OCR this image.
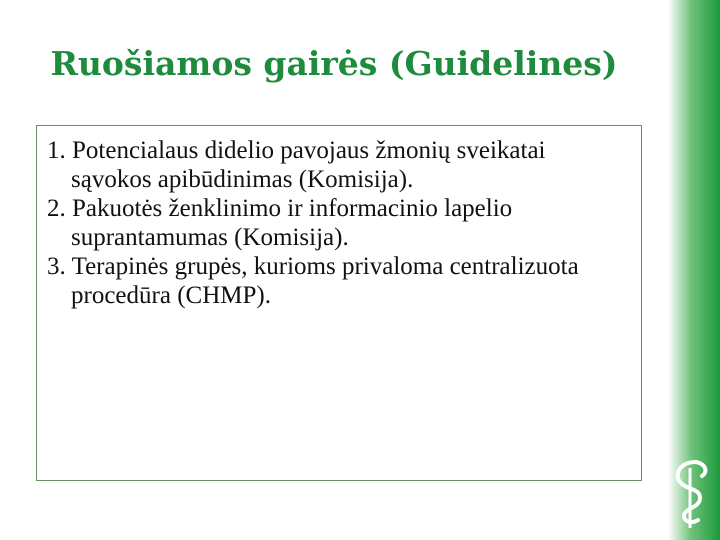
Ruošiamos gairės (Guidelines)
1. Potencialaus didelio pavojaus žmonių sveikatai sąvokos apibūdinimas (Komisija).
2. Pakuotės ženklinimo ir informacinio lapelio suprantamumas (Komisija).
3. Terapinės grupės, kurioms privaloma centralizuota procedūra (CHMP).
